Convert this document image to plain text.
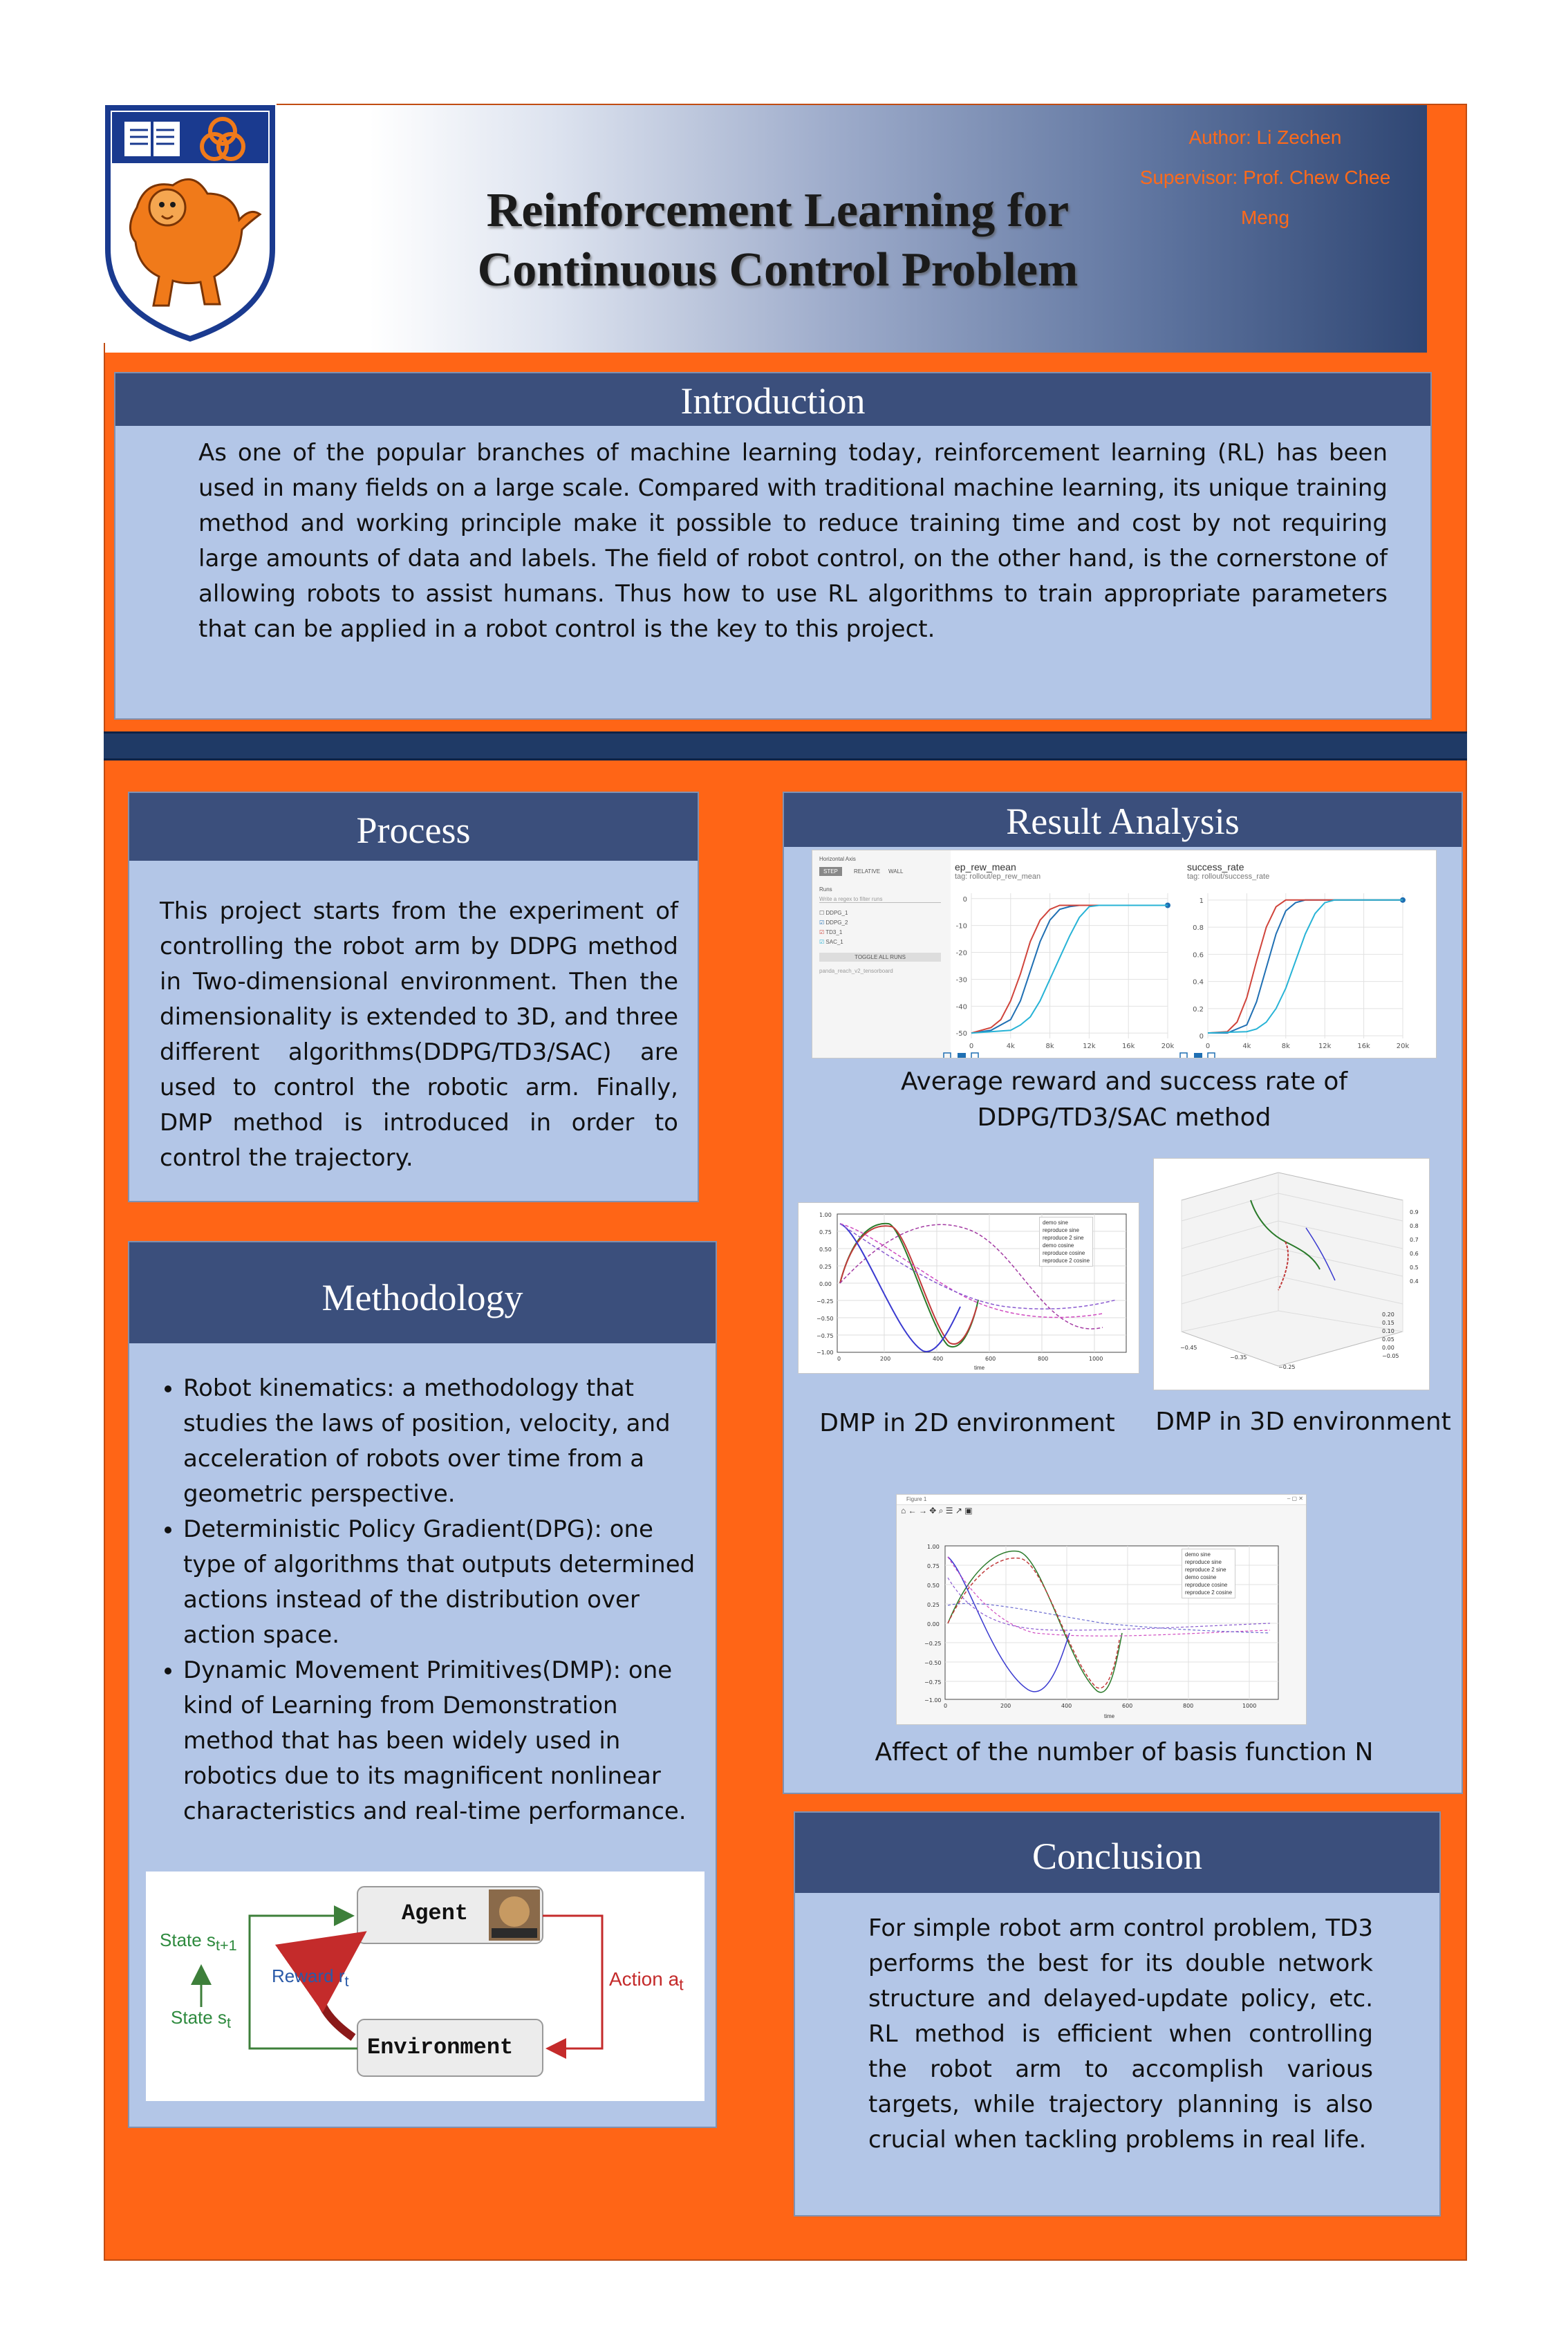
Author: Li Zechen
Supervisor: Prof. Chew Chee Meng
Reinforcement Learning for
Continuous Control Problem
Introduction
As one of the popular branches of machine learning today, reinforcement learning (RL) has been used in many fields on a large scale. Compared with traditional machine learning, its unique training method and working principle make it possible to reduce training time and cost by not requiring large amounts of data and labels. The field of robot control, on the other hand, is the cornerstone of allowing robots to assist humans. Thus how to use RL algorithms to train appropriate parameters that can be applied in a robot control is the key to this project.
Process
This project starts from the experiment of controlling the robot arm by DDPG method in Two-dimensional environment. Then the dimensionality is extended to 3D, and three different algorithms(DDPG/TD3/SAC) are used to control the robotic arm. Finally, DMP method is introduced in order to control the trajectory.
Methodology
• Robot kinematics: a methodology that studies the laws of position, velocity, and acceleration of robots over time from a geometric perspective.
• Deterministic Policy Gradient(DPG): one type of algorithms that outputs determined actions instead of the distribution over action space.
• Dynamic Movement Primitives(DMP): one kind of Learning from Demonstration method that has been widely used in robotics due to its magnificent nonlinear characteristics and real-time performance.
Agent
Environment
State $s_{t+1}$
State $s_t$
Reward $r_t$	Action $a_t$
Result Analysis
Horizontal Axis
STEP	RELATIVE WALL
Runs
Write a regex to filter runs
☐ DDPG_1
☑ DDPG_2
☑ TD3_1
☑ SAC_1
TOGGLE ALL RUNS
panda_reach_v2_tensorboard
ep_rew_mean
tag: rollout/ep_rew_mean
success_rate
tag: rollout/success_rate
0	4k	8k	12k	16k	20k
0
-10
-20
-30
-40
-50
0	4k	8k	12k	16k	20k
1
0.8
0.6
0.4
0.2
0
Average reward and success rate of
DDPG/TD3/SAC method
1.00
0.75
0.50
0.25
0.00
−0.25
−0.50
−0.75
−1.00
0	200	400	600	800	1000
demo sine
reproduce sine
reproduce 2 sine
demo cosine
reproduce cosine
reproduce 2 cosine
time
0.9
0.8
0.7
0.6
0.5
0.4
−0.45
−0.35
−0.25
0.20
0.15
0.10
0.05
0.00
−0.05
DMP in 2D environment	DMP in 3D environment
Figure 1	– ▢ ✕
⌂ ← → ✥ ⌕ ☰ ↗ ▣
1.00
0.75
0.50
0.25
0.00
−0.25
−0.50
−0.75
−1.00
0	200	400	600	800	1000
demo sine
reproduce sine
reproduce 2 sine
demo cosine
reproduce cosine
reproduce 2 cosine
time
Affect of the number of basis function N
Conclusion
For simple robot arm control problem, TD3 performs the best for its double network structure and delayed-update policy, etc. RL method is efficient when controlling the robot arm to accomplish various targets, while trajectory planning is also crucial when tackling problems in real life.
